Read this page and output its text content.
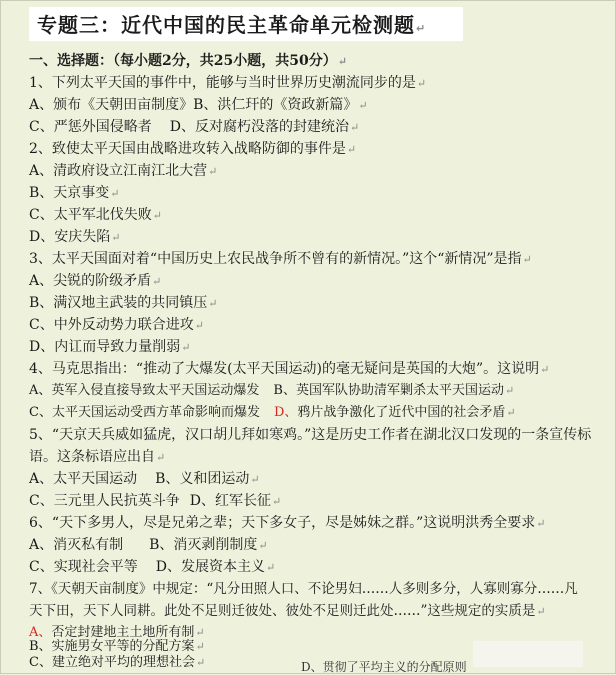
专题三：近代中国的民主革命单元检测题↵
一、选择题：（每小题2分，共25小题，共50分）↵
1、下列太平天国的事件中，能够与当时世界历史潮流同步的是↵
A、颁布《天朝田亩制度》B、洪仁玕的《资政新篇》↵
C、严惩外国侵略者 D、反对腐朽没落的封建统治↵
2、致使太平天国由战略进攻转入战略防御的事件是↵
A、清政府设立江南江北大营↵
B、天京事变↵
C、太平军北伐失败↵
D、安庆失陷↵
3、太平天国面对着“中国历史上农民战争所不曾有的新情况。”这个“新情况”是指↵
A、尖锐的阶级矛盾↵
B、满汉地主武装的共同镇压↵
C、中外反动势力联合进攻↵
D、内讧而导致力量削弱↵
4、马克思指出：“推动了大爆发(太平天国运动)的毫无疑问是英国的大炮”。这说明↵
A、英军入侵直接导致太平天国运动爆发 B、英国军队协助清军剿杀太平天国运动↵
C、太平天国运动受西方革命影响而爆发 D、鸦片战争激化了近代中国的社会矛盾↵
5、“天京天兵威如猛虎，汉口胡儿拜如寒鸡。”这是历史工作者在湖北汉口发现的一条宣传标
语。这条标语应出自↵
A、太平天国运动 B、义和团运动↵
C、三元里人民抗英斗争 D、红军长征↵
6、“天下多男人，尽是兄弟之辈；天下多女子，尽是姊妹之群。”这说明洪秀全要求↵
A、消灭私有制 B、消灭剥削制度↵
C、实现社会平等 D、发展资本主义↵
7、《天朝天亩制度》中规定：“凡分田照人口、不论男妇……人多则多分，人寡则寡分……凡
天下田，天下人同耕。此处不足则迁彼处、彼处不足则迁此处……”这些规定的实质是↵
A、否定封建地主土地所有制↵
B、实施男女平等的分配方案↵
C、建立绝对平均的理想社会↵	D、贯彻了平均主义的分配原则
